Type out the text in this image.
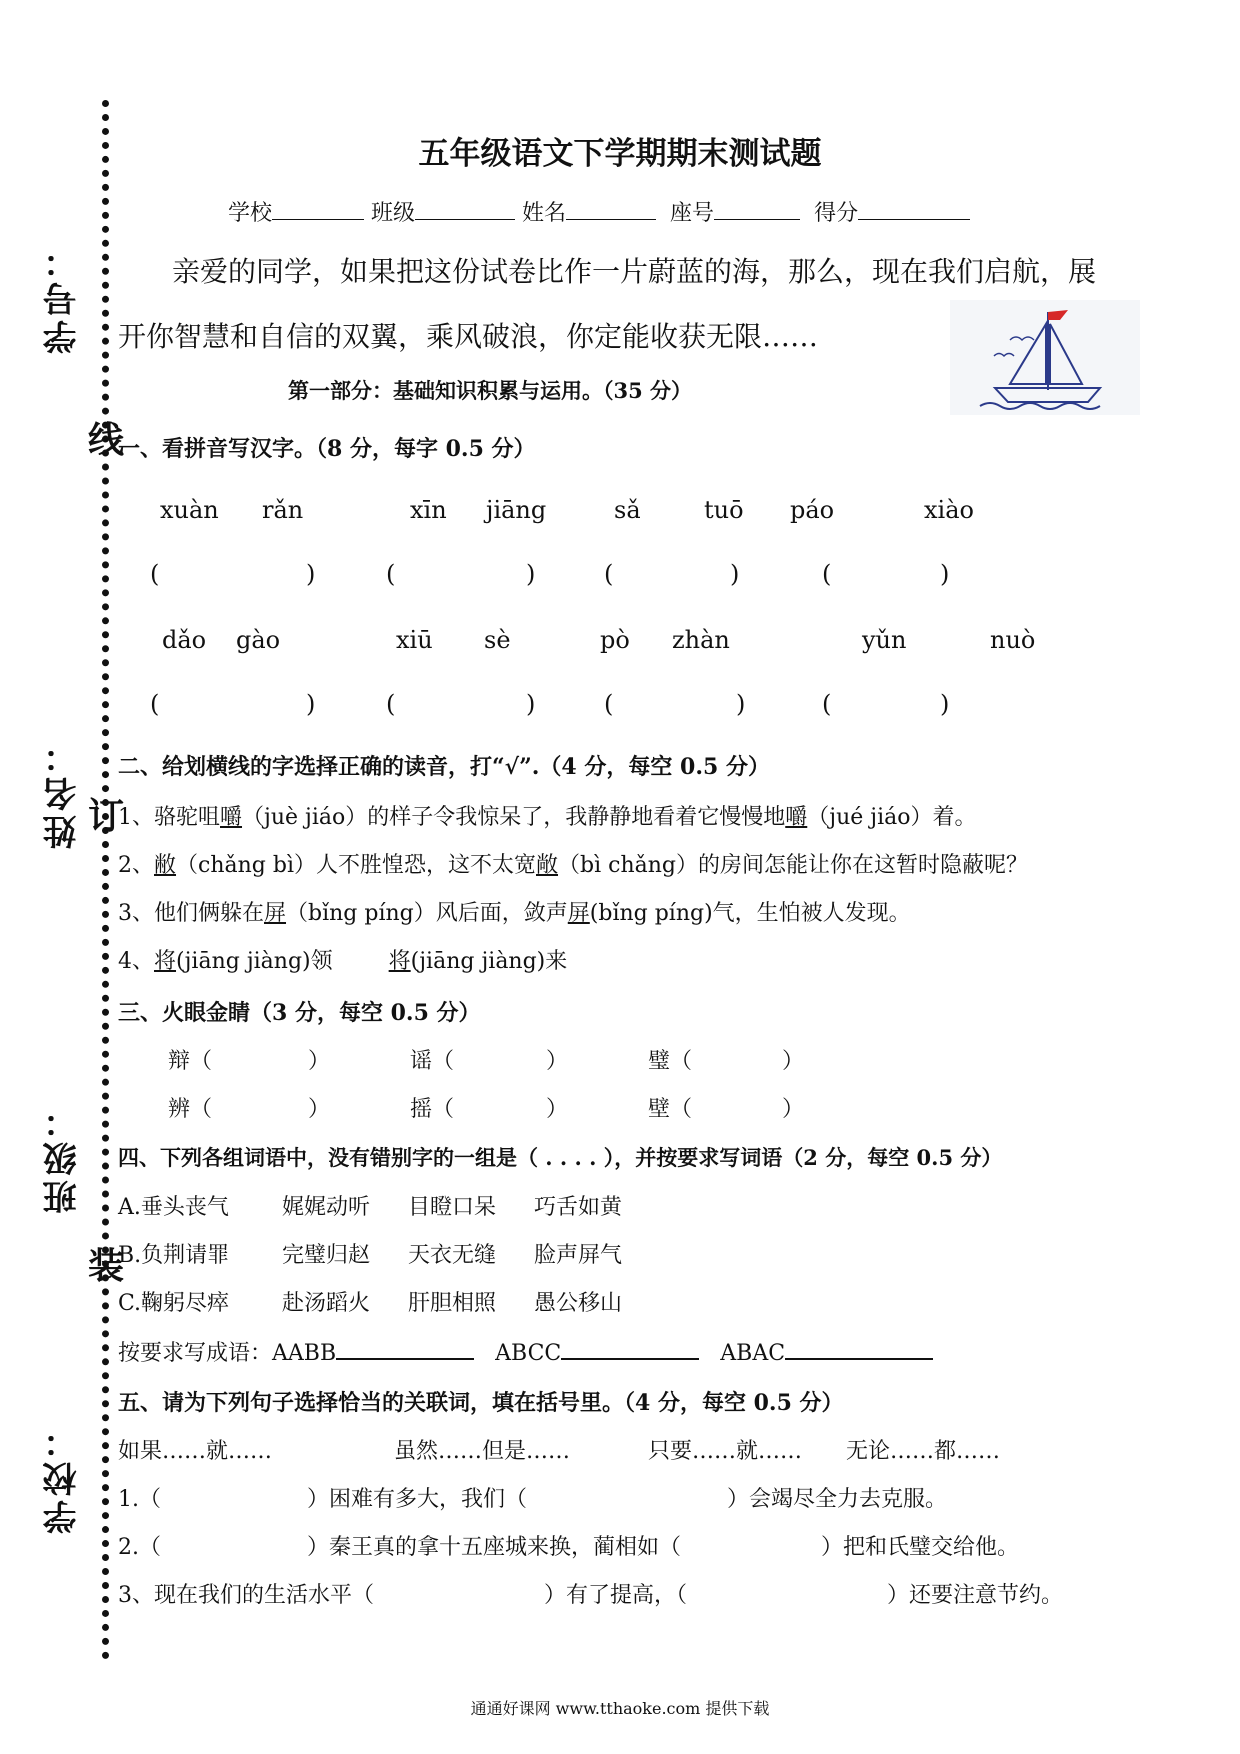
学号：
姓名：
班级：
学校：
线
订
装
五年级语文下学期期末测试题
学校	班级	姓名	座号	得分
亲爱的同学，如果把这份试卷比作一片蔚蓝的海，那么，现在我们启航，展
开你智慧和自信的双翼，乘风破浪，你定能收获无限……
第一部分：基础知识积累与运用。（35 分）
一、看拼音写汉字。（8 分，每字 0.5 分）
xuàn rǎn	xīn jiāng	sǎ	tuō páo	xiào
(	)	(	)	(	)	(	)
dǎo gào	xiū sè	pò zhàn	yǔn	nuò
(	)	(	)	(	)	(	)
二、给划横线的字选择正确的读音，打“√”.（4 分，每空 0.5 分）
1、骆驼咀嚼（juè jiáo）的样子令我惊呆了，我静静地看着它慢慢地嚼（jué jiáo）着。
2、敝（chǎng bì）人不胜惶恐，这不太宽敞（bì chǎng）的房间怎能让你在这暂时隐蔽呢？
3、他们俩躲在屏（bǐng píng）风后面，敛声屏(bǐng píng)气，生怕被人发现。
4、将(jiāng jiàng)领	将(jiāng jiàng)来
三、火眼金睛（3 分，每空 0.5 分）
辩（	）	谣（	）	璧（	）
辨（	）	摇（	）	壁（	）
四、下列各组词语中，没有错别字的一组是（ . . . . ），并按要求写词语（2 分，每空 0.5 分）
A.垂头丧气 娓娓动听 目瞪口呆 巧舌如黄
B.负荆请罪 完璧归赵 天衣无缝 脸声屏气
C.鞠躬尽瘁 赴汤蹈火 肝胆相照 愚公移山
按要求写成语：AABB	ABCC	ABAC
五、请为下列句子选择恰当的关联词，填在括号里。（4 分，每空 0.5 分）
如果……就……	虽然……但是……	只要……就…… 无论……都……
1.（	）困难有多大，我们（	）会竭尽全力去克服。
2.（	）秦王真的拿十五座城来换，蔺相如（	）把和氏璧交给他。
3、现在我们的生活水平（	）有了提高，（	）还要注意节约。
通通好课网 www.tthaoke.com 提供下载
